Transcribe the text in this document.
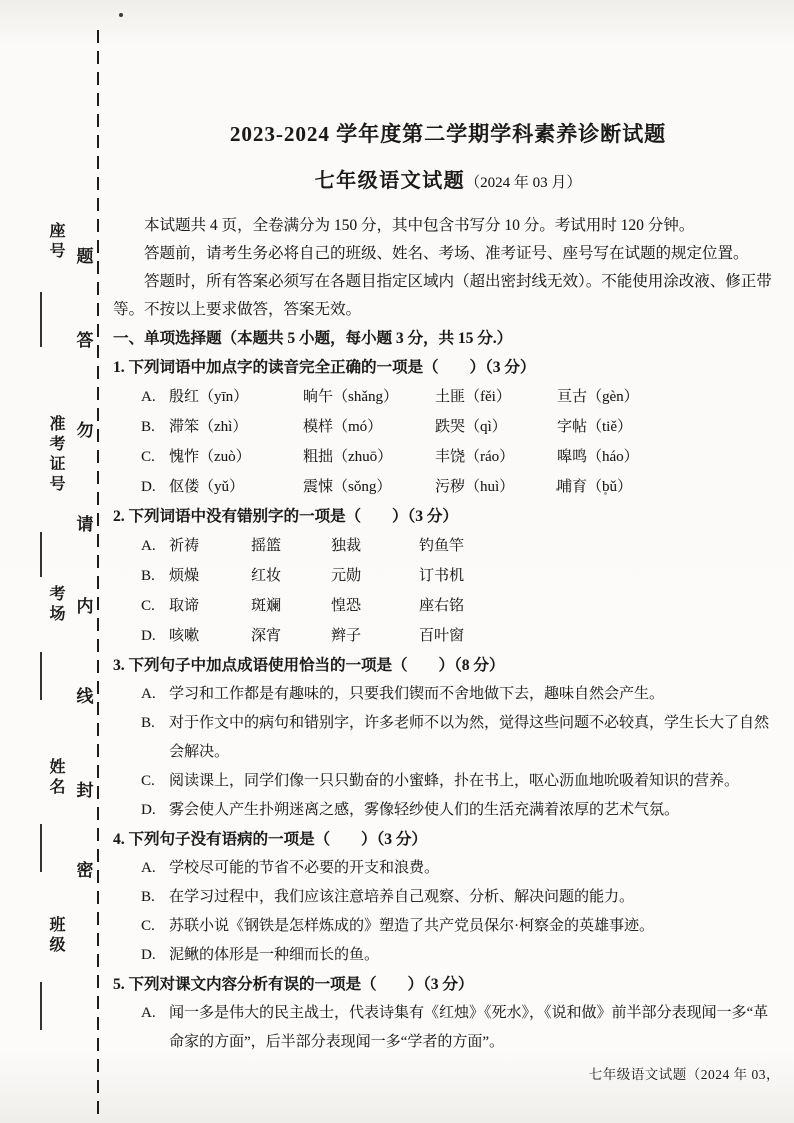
座号
准考证号
考场
姓名
班级
题
答
勿
请
内
线
封
密
2023-2024 学年度第二学期学科素养诊断试题
七年级语文试题（2024 年 03 月）

本试题共 4 页，全卷满分为 150 分，其中包含书写分 10 分。考试用时 120 分钟。

答题前，请考生务必将自己的班级、姓名、考场、准考证号、座号写在试题的规定位置。

答题时，所有答案必须写在各题目指定区域内（超出密封线无效）。不能使用涂改液、修正带等。不按以上要求做答，答案无效。

一、单项选择题（本题共 5 小题，每小题 3 分，共 15 分.）

1. 下列词语中加点字的读音完全正确的一项是（　　）（3 分）

A. 殷红（yīn）	晌午（shǎng）	土匪（fěi）	亘古（gèn）
B. 滞笨（zhì）	模样（mó）	跌哭（qì）	字帖（tiě）
C. 愧怍（zuò）	粗拙（zhuō）	丰饶（ráo）	嗥鸣（háo）
D. 伛偻（yǔ）	震悚（sǒng）	污秽（huì）	哺育（bǔ）

2. 下列词语中没有错别字的一项是（　　）（3 分）

A. 祈祷	摇篮	独裁	钓鱼竿
B. 烦燥	红妆	元勋	订书机
C. 取谛	斑斓	惶恐	座右铭
D. 咳嗽	深宵	辫子	百叶窗

3. 下列句子中加点成语使用恰当的一项是（　　）（8 分）

A. 学习和工作都是有趣味的，只要我们锲而不舍地做下去，趣味自然会产生。

B. 对于作文中的病句和错别字，许多老师不以为然，觉得这些问题不必较真，学生长大了自然会解决。

C. 阅读课上，同学们像一只只勤奋的小蜜蜂，扑在书上，呕心沥血地吮吸着知识的营养。

D. 雾会使人产生扑朔迷离之感，雾像轻纱使人们的生活充满着浓厚的艺术气氛。

4. 下列句子没有语病的一项是（　　）（3 分）

A. 学校尽可能的节省不必要的开支和浪费。

B. 在学习过程中，我们应该注意培养自己观察、分析、解决问题的能力。

C. 苏联小说《钢铁是怎样炼成的》塑造了共产党员保尔·柯察金的英雄事迹。

D. 泥鳅的体形是一种细而长的鱼。

5. 下列对课文内容分析有误的一项是（　　）（3 分）

A. 闻一多是伟大的民主战士，代表诗集有《红烛》《死水》，《说和做》前半部分表现闻一多“革命家的方面”，后半部分表现闻一多“学者的方面”。

七年级语文试题（2024 年 03，
